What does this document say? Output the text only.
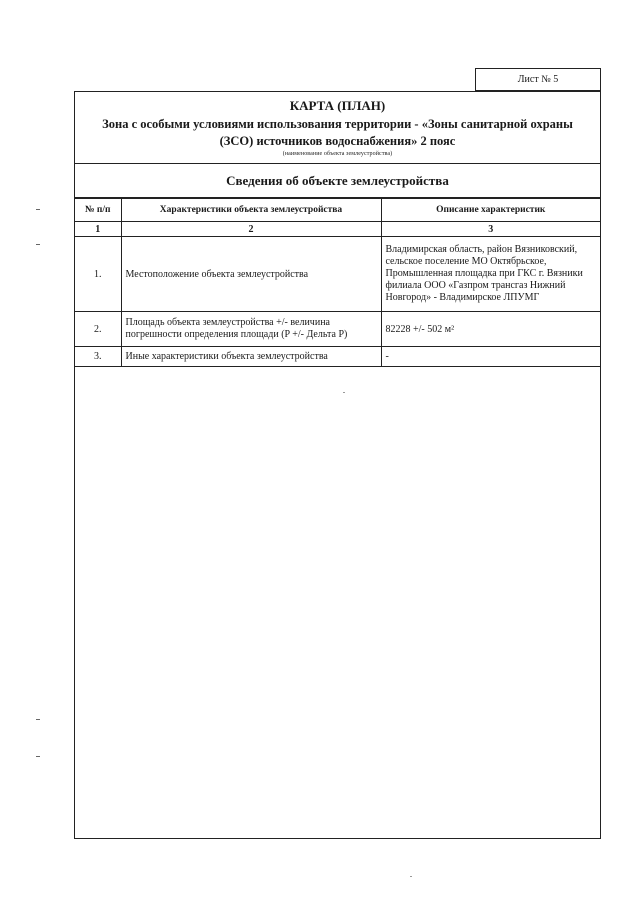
Лист № 5
КАРТА (ПЛАН)
Зона с особыми условиями использования территории - «Зоны санитарной охраны (ЗСО) источников водоснабжения» 2 пояс
(наименование объекта землеустройства)
Сведения об объекте землеустройства
№ п/п	Характеристики объекта землеустройства	Описание характеристик
1	2	3
1.	Местоположение объекта землеустройства	Владимирская область, район Вязниковский, сельское поселение МО Октябрьское, Промышленная площадка при ГКС г. Вязники филиала ООО «Газпром трансгаз Нижний Новгород» - Владимирское ЛПУМГ
2.	Площадь объекта землеустройства +/- величина погрешности определения площади (P +/- Дельта P)	82228 +/- 502 м²
3.	Иные характеристики объекта землеустройства	-
